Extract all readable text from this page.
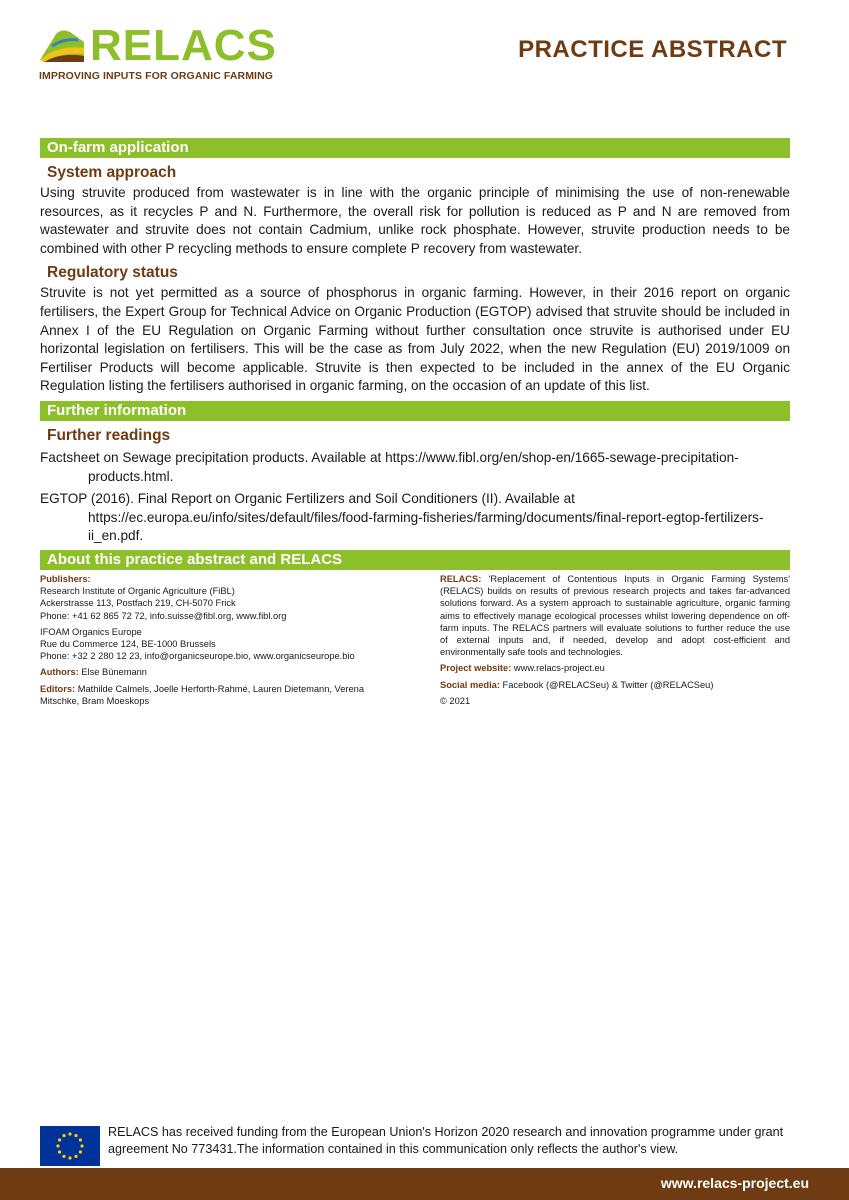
RELACS
IMPROVING INPUTS FOR ORGANIC FARMING
PRACTICE ABSTRACT
On-farm application
System approach

Using struvite produced from wastewater is in line with the organic principle of minimising the use of non-renewable resources, as it recycles P and N. Furthermore, the overall risk for pollution is reduced as P and N are removed from wastewater and struvite does not contain Cadmium, unlike rock phosphate. However, struvite production needs to be combined with other P recycling methods to ensure complete P recovery from wastewater.

Regulatory status

Struvite is not yet permitted as a source of phosphorus in organic farming. However, in their 2016 report on organic fertilisers, the Expert Group for Technical Advice on Organic Production (EGTOP) advised that struvite should be included in Annex I of the EU Regulation on Organic Farming without further consultation once struvite is authorised under EU horizontal legislation on fertilisers. This will be the case as from July 2022, when the new Regulation (EU) 2019/1009 on Fertiliser Products will become applicable. Struvite is then expected to be included in the annex of the EU Organic Regulation listing the fertilisers authorised in organic farming, on the occasion of an update of this list.

Further information
Further readings

Factsheet on Sewage precipitation products. Available at https://www.fibl.org/en/shop-en/1665-sewage-precipitation-products.html.

EGTOP (2016). Final Report on Organic Fertilizers and Soil Conditioners (II). Available at https://ec.europa.eu/info/sites/default/files/food-farming-fisheries/farming/documents/final-report-egtop-fertilizers-ii_en.pdf.

About this practice abstract and RELACS
Publishers:
Research Institute of Organic Agriculture (FiBL)
Ackerstrasse 113, Postfach 219, CH-5070 Frick
Phone: +41 62 865 72 72, info.suisse@fibl.org, www.fibl.org
IFOAM Organics Europe
Rue du Commerce 124, BE-1000 Brussels
Phone: +32 2 280 12 23, info@organicseurope.bio, www.organicseurope.bio
Authors: Else Bünemann
Editors: Mathilde Calmels, Joelle Herforth-Rahmé, Lauren Dietemann, Verena Mitschke, Bram Moeskops
RELACS: 'Replacement of Contentious Inputs in Organic Farming Systems' (RELACS) builds on results of previous research projects and takes far-advanced solutions forward. As a system approach to sustainable agriculture, organic farming aims to effectively manage ecological processes whilst lowering dependence on off-farm inputs. The RELACS partners will evaluate solutions to further reduce the use of external inputs and, if needed, develop and adopt cost-efficient and environmentally safe tools and technologies.
Project website: www.relacs-project.eu
Social media: Facebook (@RELACSeu) & Twitter (@RELACSeu)
© 2021
RELACS has received funding from the European Union's Horizon 2020 research and innovation programme under grant agreement No 773431.The information contained in this communication only reflects the author's view.
www.relacs-project.eu
